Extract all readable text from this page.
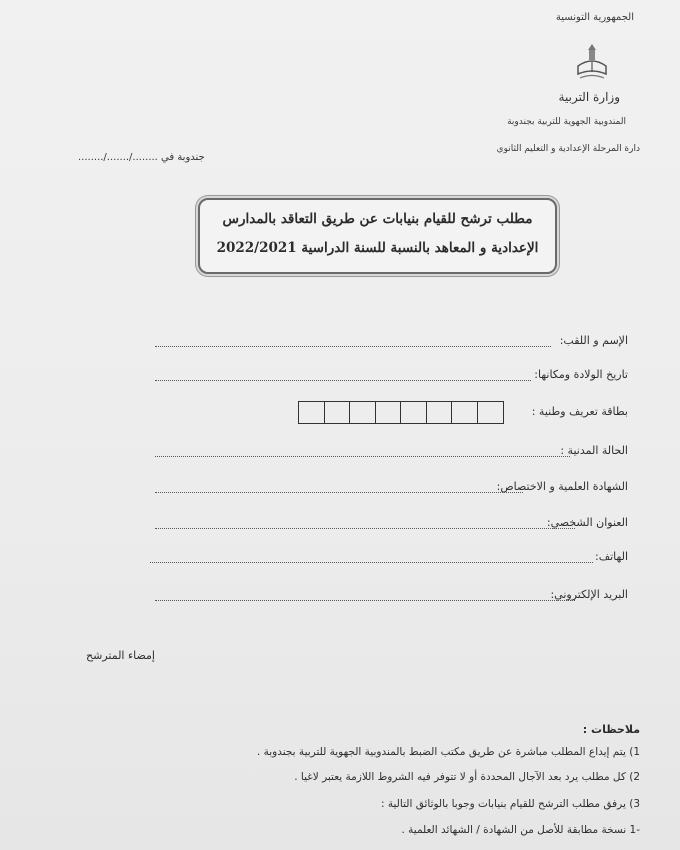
الجمهورية التونسية
وزارة التربية
المندوبية الجهوية للتربية بجندوبة
دارة المرحلة الإعدادية و التعليم الثانوي
جندوبة في ......../......./........
مطلب ترشح للقيام بنيابات عن طريق التعاقد بالمدارس
الإعدادية و المعاهد بالنسبة للسنة الدراسية 2022/2021
الإسم و اللقب:
تاريخ الولادة ومكانها:
بطاقة تعريف وطنية :
الحالة المدنية :
الشهادة العلمية و الاختصاص:
العنوان الشخصي:
الهاتف:
البريد الإلكتروني:
إمضاء المترشح
ملاحظات :
1) يتم إيداع المطلب مباشرة عن طريق مكتب الضبط بالمندوبية الجهوية للتربية بجندوبة .
2) كل مطلب يرد بعد الآجال المحددة أو لا تتوفر فيه الشروط اللازمة يعتبر لاغيا .
3) يرفق مطلب الترشح للقيام بنيابات وجوبا بالوثائق التالية :
-1 نسخة مطابقة للأصل من الشهادة / الشهائد العلمية .
